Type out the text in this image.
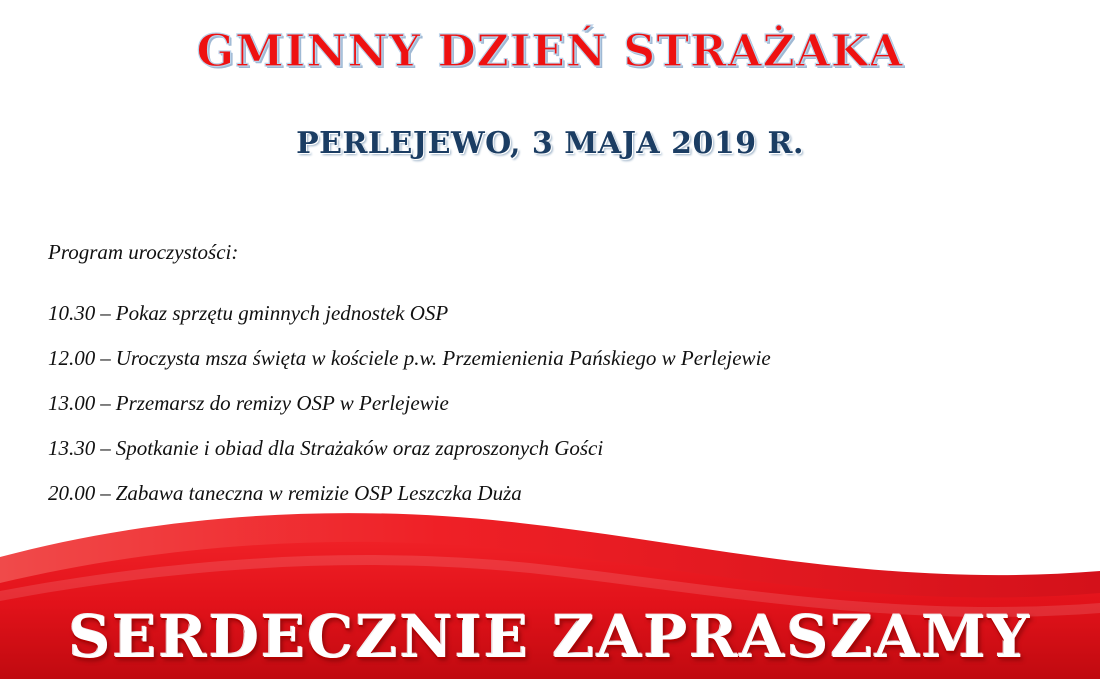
GMINNY DZIEŃ STRAŻAKA
PERLEJEWO, 3 MAJA 2019 R.
Program uroczystości:
10.30 – Pokaz sprzętu gminnych jednostek OSP
12.00 – Uroczysta msza święta w kościele p.w. Przemienienia Pańskiego w Perlejewie
13.00 – Przemarsz do remizy OSP w Perlejewie
13.30 – Spotkanie i obiad dla Strażaków oraz zaproszonych Gości
20.00 – Zabawa taneczna w remizie OSP Leszczka Duża
SERDECZNIE ZAPRASZAMY
